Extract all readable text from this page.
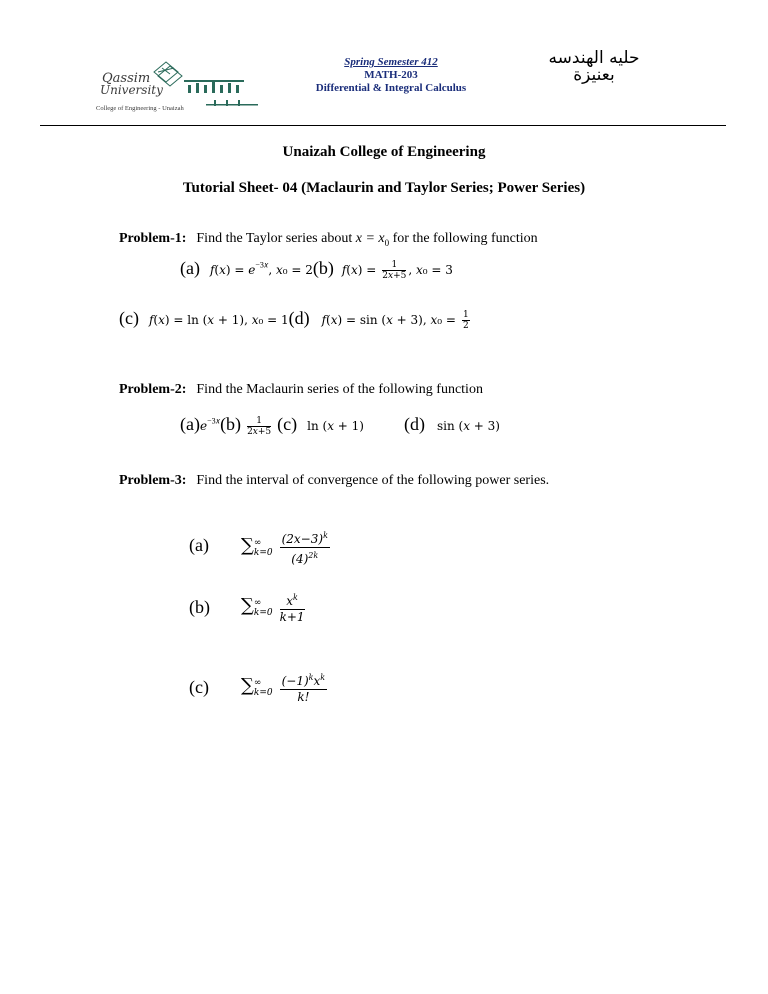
Qassim
University
College of Engineering - Unaizah
Spring Semester 412
MATH-203
Differential & Integral Calculus
حليه الهندسه
بعنيزة
Unaizah College of Engineering
Tutorial Sheet- 04 (Maclaurin and Taylor Series; Power Series)
Problem-1: Find the Taylor series about $x = x_0$ for the following function
(a) 𝑓(𝑥) = 𝑒$^{-3𝑥}$, 𝑥₀ = 2(b) 𝑓(𝑥) = $\frac{1}{\text{2𝑥+5}}$ , 𝑥₀ = 3
(c) 𝑓(𝑥) = ln (𝑥 + 1), 𝑥₀ = 1(d) 𝑓(𝑥) = sin (𝑥 + 3), 𝑥₀ = $\frac{1}{2}$
Problem-2: Find the Maclaurin series of the following function
(a)𝑒$^{-3𝑥}$(b) $\frac{1}{\text{2𝑥+5}} (c)$ ln (𝑥 + 1) (d) sin (𝑥 + 3)
Problem-3: Find the interval of convergence of the following power series.
(a) ∑ ∞
𝑘=0
$\frac{(2𝑥-3)^𝑘}{(4)^{2𝑘}}$
(b) ∑ ∞
𝑘=0
$\frac{𝑥^𝑘}{\text{𝑘+1}}$
(c) ∑ ∞
𝑘=0
$\frac{(-1)^𝑘𝑥^𝑘}{\text{𝑘!}}$
